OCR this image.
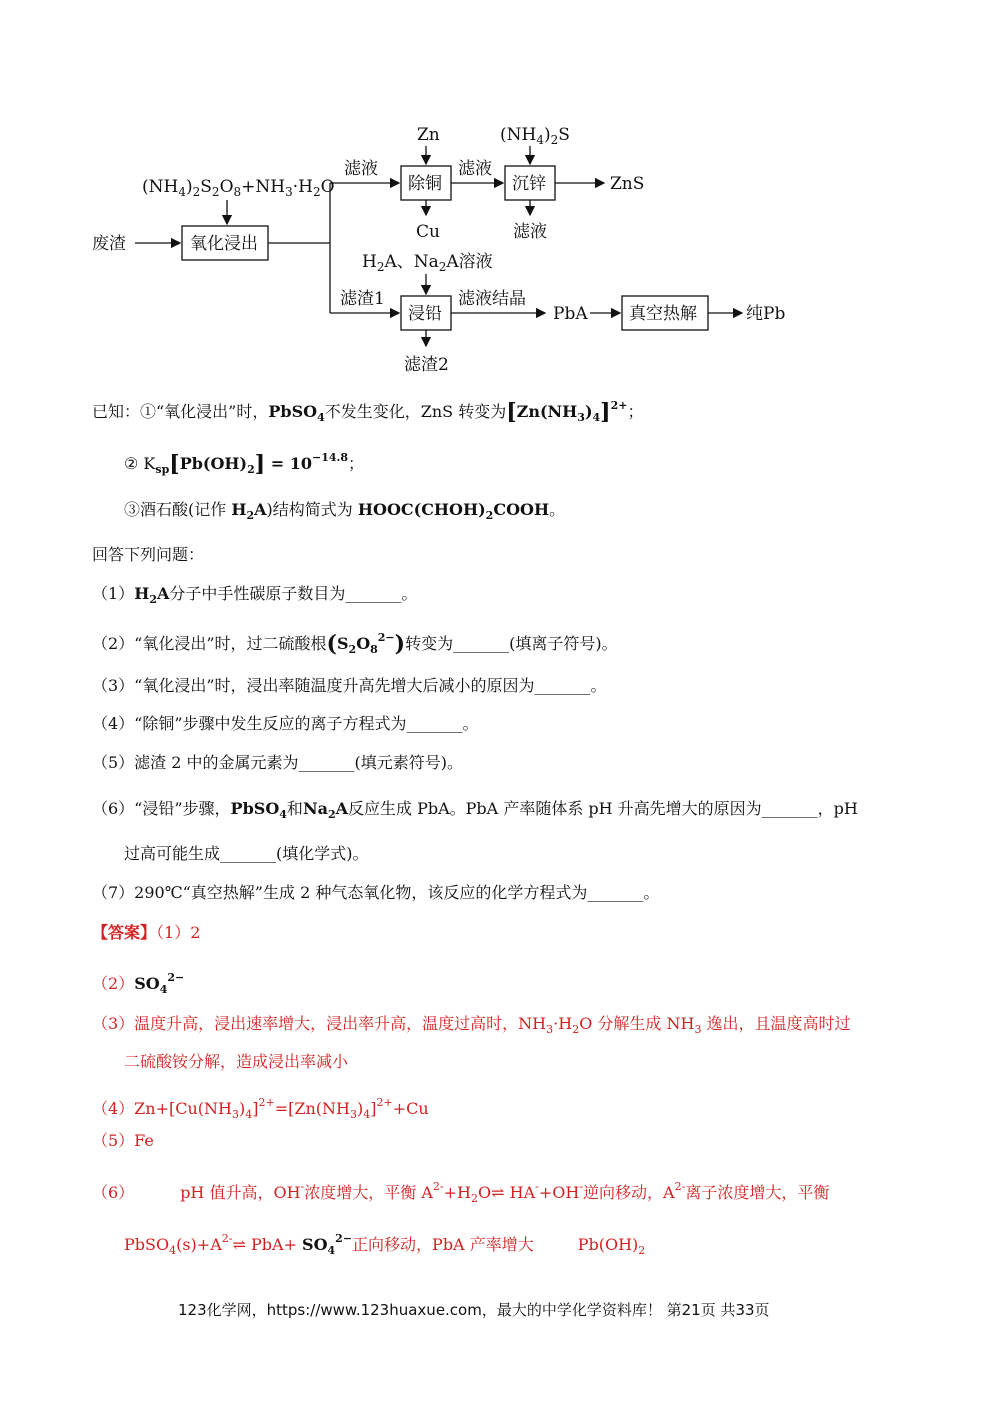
$(NH_4)_2S_2O_8+NH_3\cdot H_2O$
废渣	氧化浸出
滤液
Zn
除铜
Cu
滤液
$(NH_4)_2S$
沉锌	ZnS
滤液
$H_2A$、$Na_2A$溶液
滤渣1
浸铅
滤渣2
滤液结晶
PbA 真空热解	纯Pb
已知：①“氧化浸出”时，PbSO$_4$不发生变化，ZnS 转变为$[Zn(NH_3)_4]^{2+}$；
② $K_{sp}[Pb(OH)_2] = 10^{-14.8}$；
③酒石酸(记作 $H_2A$)结构简式为 $HOOC(CHOH)_2COOH$。
回答下列问题：
$(1)H_2A$分子中手性碳原子数目为_______。
（2）“氧化浸出”时，过二硫酸根$(S_2O_8^{2-})$转变为_______(填离子符号)。
（3）“氧化浸出”时，浸出率随温度升高先增大后减小的原因为_______。
（4）“除铜”步骤中发生反应的离子方程式为_______。
（5）滤渣 2 中的金属元素为_______(填元素符号)。
（6）“浸铅”步骤，PbSO$_4$和$Na_2A$反应生成 PbA。PbA 产率随体系 pH 升高先增大的原因为_______，pH
过高可能生成_______(填化学式)。
（7）290℃“真空热解”生成 2 种气态氧化物，该反应的化学方程式为_______。
【答案】（1）2
$(2)SO_4^{2-}$
（3）温度升高，浸出速率增大，浸出率升高，温度过高时，$NH_3\cdot H_2O$ 分解生成 $NH_3$ 逸出，且温度高时过
二硫酸铵分解，造成浸出率减小
$(4)Zn+[Cu(NH_3)_4]^{2+}=[Zn(NH_3)_4]^{2+}+Cu$
（5）Fe
（6）	pH 值升高，OH-浓度增大，平衡 $A^{2-}+H_2O\rightleftharpoons$ HA-+OH-逆向移动，$A^{2-}$离子浓度增大，平衡
$PbSO_4(s)+A^{2-}\rightleftharpoons$ $PbA+ SO_4^{2-}$正向移动，PbA 产率增大	$Pb(OH)_2$
123化学网，https://www.123huaxue.com，最大的中学化学资料库！ 第21页 共33页
